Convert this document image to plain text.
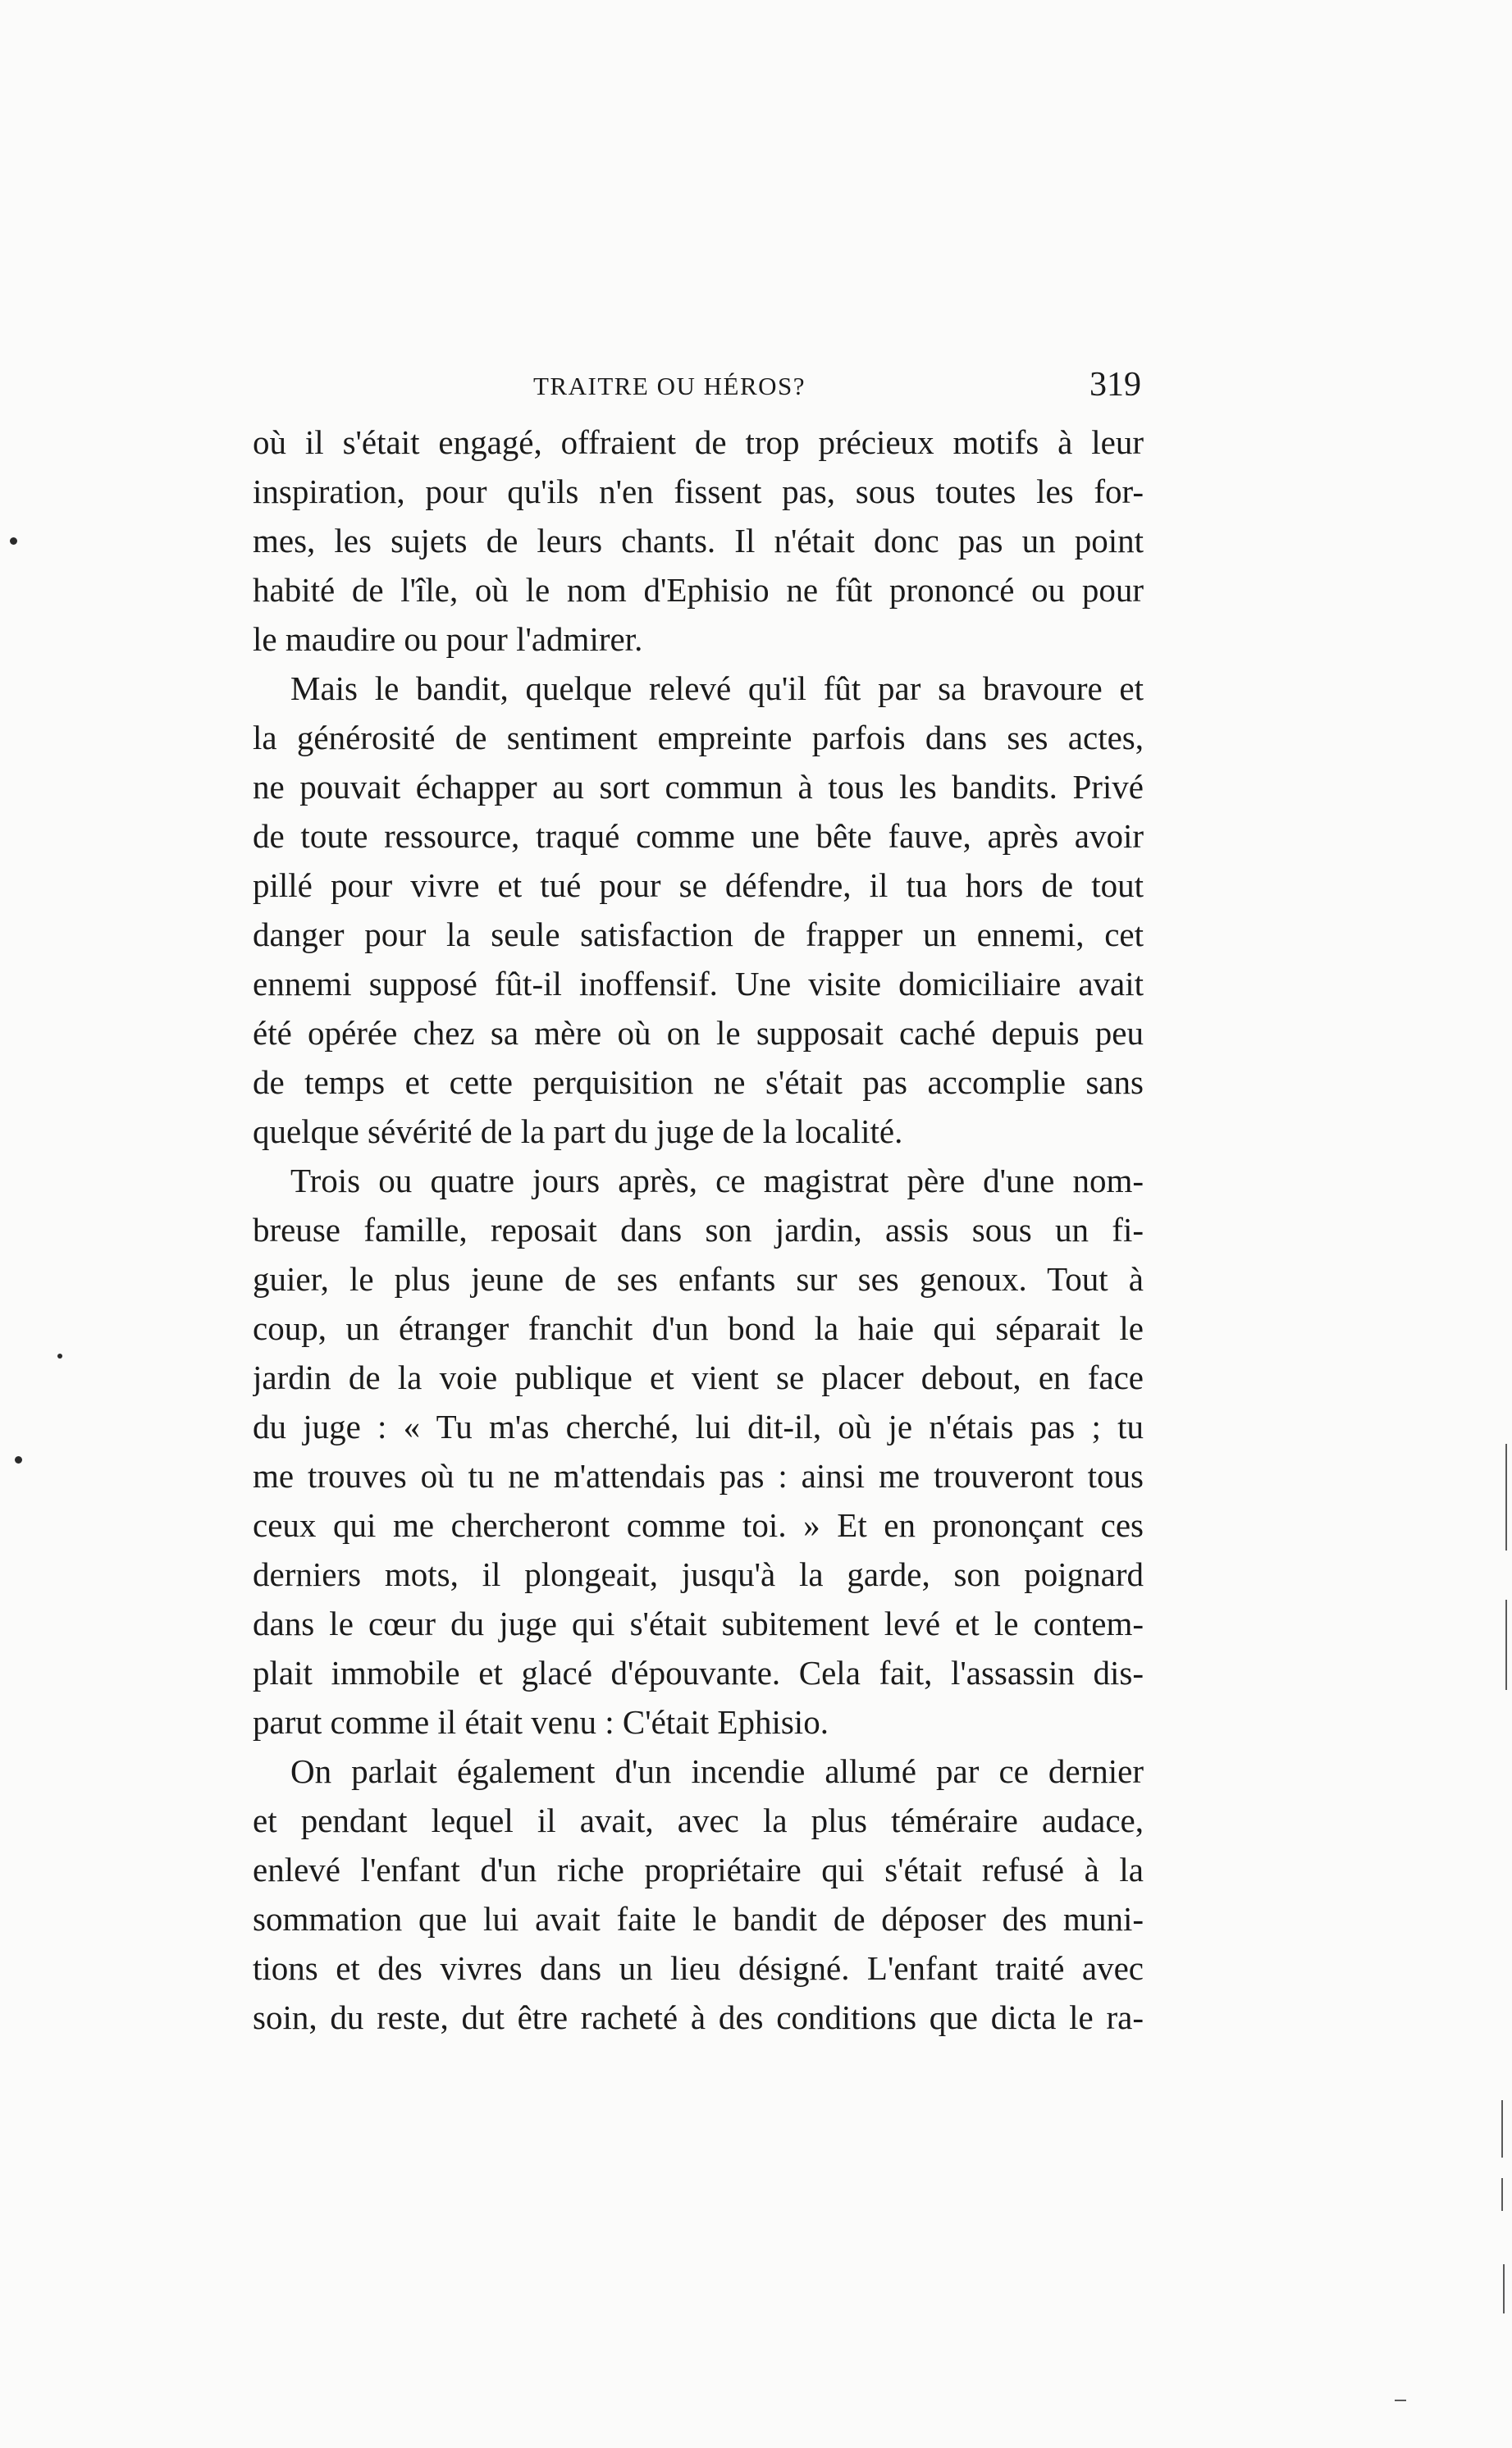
TRAITRE OU HÉROS?	319
où il s'était engagé, offraient de trop précieux motifs à leur
inspiration, pour qu'ils n'en fissent pas, sous toutes les for-
mes, les sujets de leurs chants. Il n'était donc pas un point
habité de l'île, où le nom d'Ephisio ne fût prononcé ou pour
le maudire ou pour l'admirer.
Mais le bandit, quelque relevé qu'il fût par sa bravoure et
la générosité de sentiment empreinte parfois dans ses actes,
ne pouvait échapper au sort commun à tous les bandits. Privé
de toute ressource, traqué comme une bête fauve, après avoir
pillé pour vivre et tué pour se défendre, il tua hors de tout
danger pour la seule satisfaction de frapper un ennemi, cet
ennemi supposé fût-il inoffensif. Une visite domiciliaire avait
été opérée chez sa mère où on le supposait caché depuis peu
de temps et cette perquisition ne s'était pas accomplie sans
quelque sévérité de la part du juge de la localité.
Trois ou quatre jours après, ce magistrat père d'une nom-
breuse famille, reposait dans son jardin, assis sous un fi-
guier, le plus jeune de ses enfants sur ses genoux. Tout à
coup, un étranger franchit d'un bond la haie qui séparait le
jardin de la voie publique et vient se placer debout, en face
du juge : « Tu m'as cherché, lui dit-il, où je n'étais pas ; tu
me trouves où tu ne m'attendais pas : ainsi me trouveront tous
ceux qui me chercheront comme toi. » Et en prononçant ces
derniers mots, il plongeait, jusqu'à la garde, son poignard
dans le cœur du juge qui s'était subitement levé et le contem-
plait immobile et glacé d'épouvante. Cela fait, l'assassin dis-
parut comme il était venu : C'était Ephisio.
On parlait également d'un incendie allumé par ce dernier
et pendant lequel il avait, avec la plus téméraire audace,
enlevé l'enfant d'un riche propriétaire qui s'était refusé à la
sommation que lui avait faite le bandit de déposer des muni-
tions et des vivres dans un lieu désigné. L'enfant traité avec
soin, du reste, dut être racheté à des conditions que dicta le ra-
